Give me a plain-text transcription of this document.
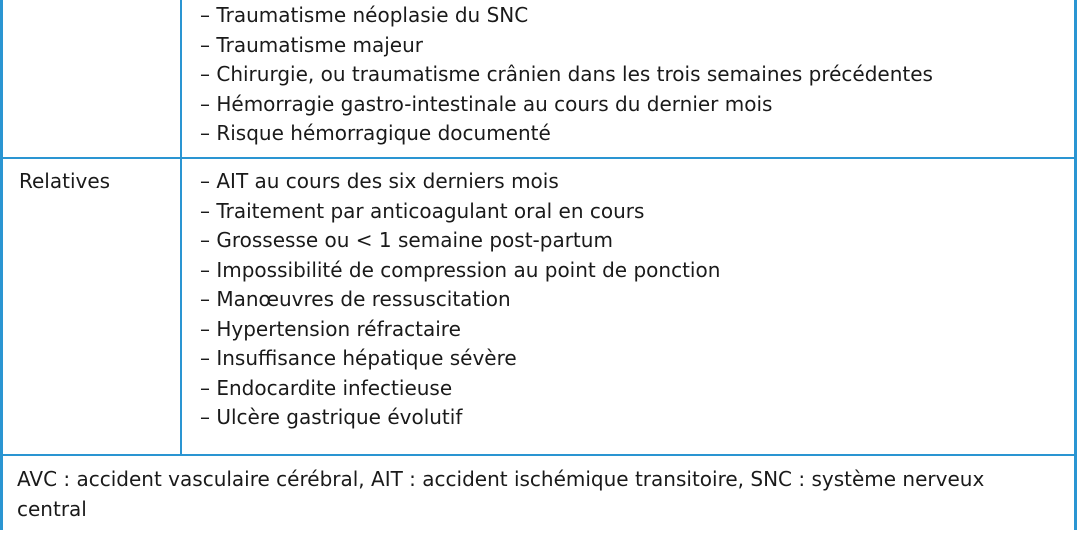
– Traumatisme néoplasie du SNC
– Traumatisme majeur
– Chirurgie, ou traumatisme crânien dans les trois semaines précédentes
– Hémorragie gastro-intestinale au cours du dernier mois
– Risque hémorragique documenté
Relatives	– AIT au cours des six derniers mois
– Traitement par anticoagulant oral en cours
– Grossesse ou < 1 semaine post-partum
– Impossibilité de compression au point de ponction
– Manœuvres de ressuscitation
– Hypertension réfractaire
– Insuffisance hépatique sévère
– Endocardite infectieuse
– Ulcère gastrique évolutif
AVC : accident vasculaire cérébral, AIT : accident ischémique transitoire, SNC : système nerveux central
